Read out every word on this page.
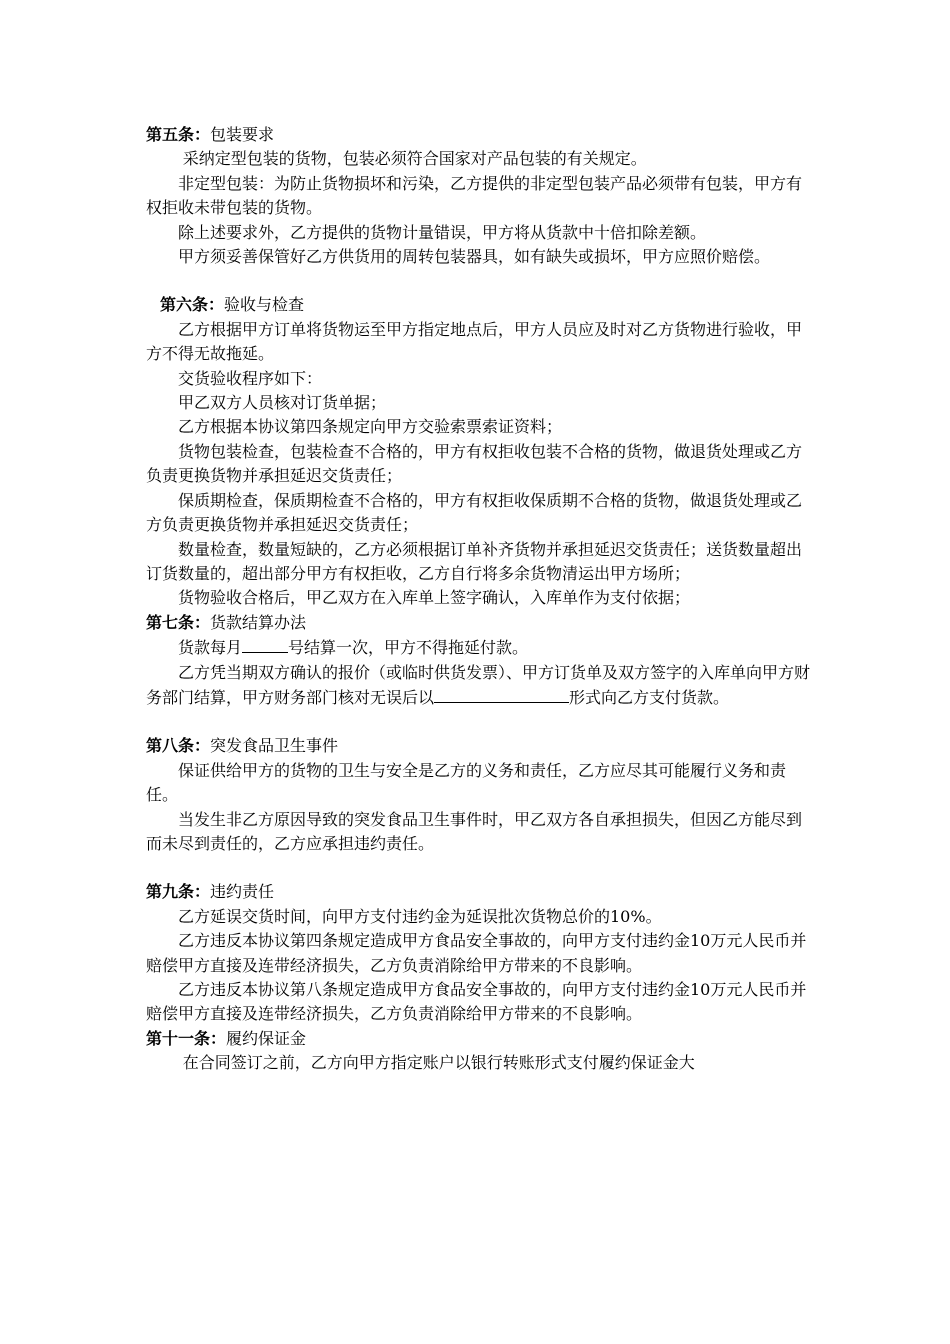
第五条：包装要求

采纳定型包装的货物，包装必须符合国家对产品包装的有关规定。

非定型包装：为防止货物损坏和污染，乙方提供的非定型包装产品必须带有包装，甲方有权拒收未带包装的货物。

除上述要求外，乙方提供的货物计量错误，甲方将从货款中十倍扣除差额。

甲方须妥善保管好乙方供货用的周转包装器具，如有缺失或损坏，甲方应照价赔偿。

第六条：验收与检查

乙方根据甲方订单将货物运至甲方指定地点后，甲方人员应及时对乙方货物进行验收，甲方不得无故拖延。

交货验收程序如下：

甲乙双方人员核对订货单据；

乙方根据本协议第四条规定向甲方交验索票索证资料；

货物包装检查，包装检查不合格的，甲方有权拒收包装不合格的货物，做退货处理或乙方负责更换货物并承担延迟交货责任；

保质期检查，保质期检查不合格的，甲方有权拒收保质期不合格的货物，做退货处理或乙方负责更换货物并承担延迟交货责任；

数量检查，数量短缺的，乙方必须根据订单补齐货物并承担延迟交货责任；送货数量超出订货数量的，超出部分甲方有权拒收，乙方自行将多余货物清运出甲方场所；

货物验收合格后，甲乙双方在入库单上签字确认，入库单作为支付依据；

第七条：货款结算办法

货款每月	号结算一次，甲方不得拖延付款。

乙方凭当期双方确认的报价（或临时供货发票）、甲方订货单及双方签字的入库单向甲方财务部门结算，甲方财务部门核对无误后以	形式向乙方支付货款。

第八条：突发食品卫生事件

保证供给甲方的货物的卫生与安全是乙方的义务和责任，乙方应尽其可能履行义务和责任。

当发生非乙方原因导致的突发食品卫生事件时，甲乙双方各自承担损失，但因乙方能尽到而未尽到责任的，乙方应承担违约责任。

第九条：违约责任

乙方延误交货时间，向甲方支付违约金为延误批次货物总价的10%。

乙方违反本协议第四条规定造成甲方食品安全事故的，向甲方支付违约金10万元人民币并赔偿甲方直接及连带经济损失，乙方负责消除给甲方带来的不良影响。

乙方违反本协议第八条规定造成甲方食品安全事故的，向甲方支付违约金10万元人民币并赔偿甲方直接及连带经济损失，乙方负责消除给甲方带来的不良影响。

第十一条：履约保证金

在合同签订之前，乙方向甲方指定账户以银行转账形式支付履约保证金大
